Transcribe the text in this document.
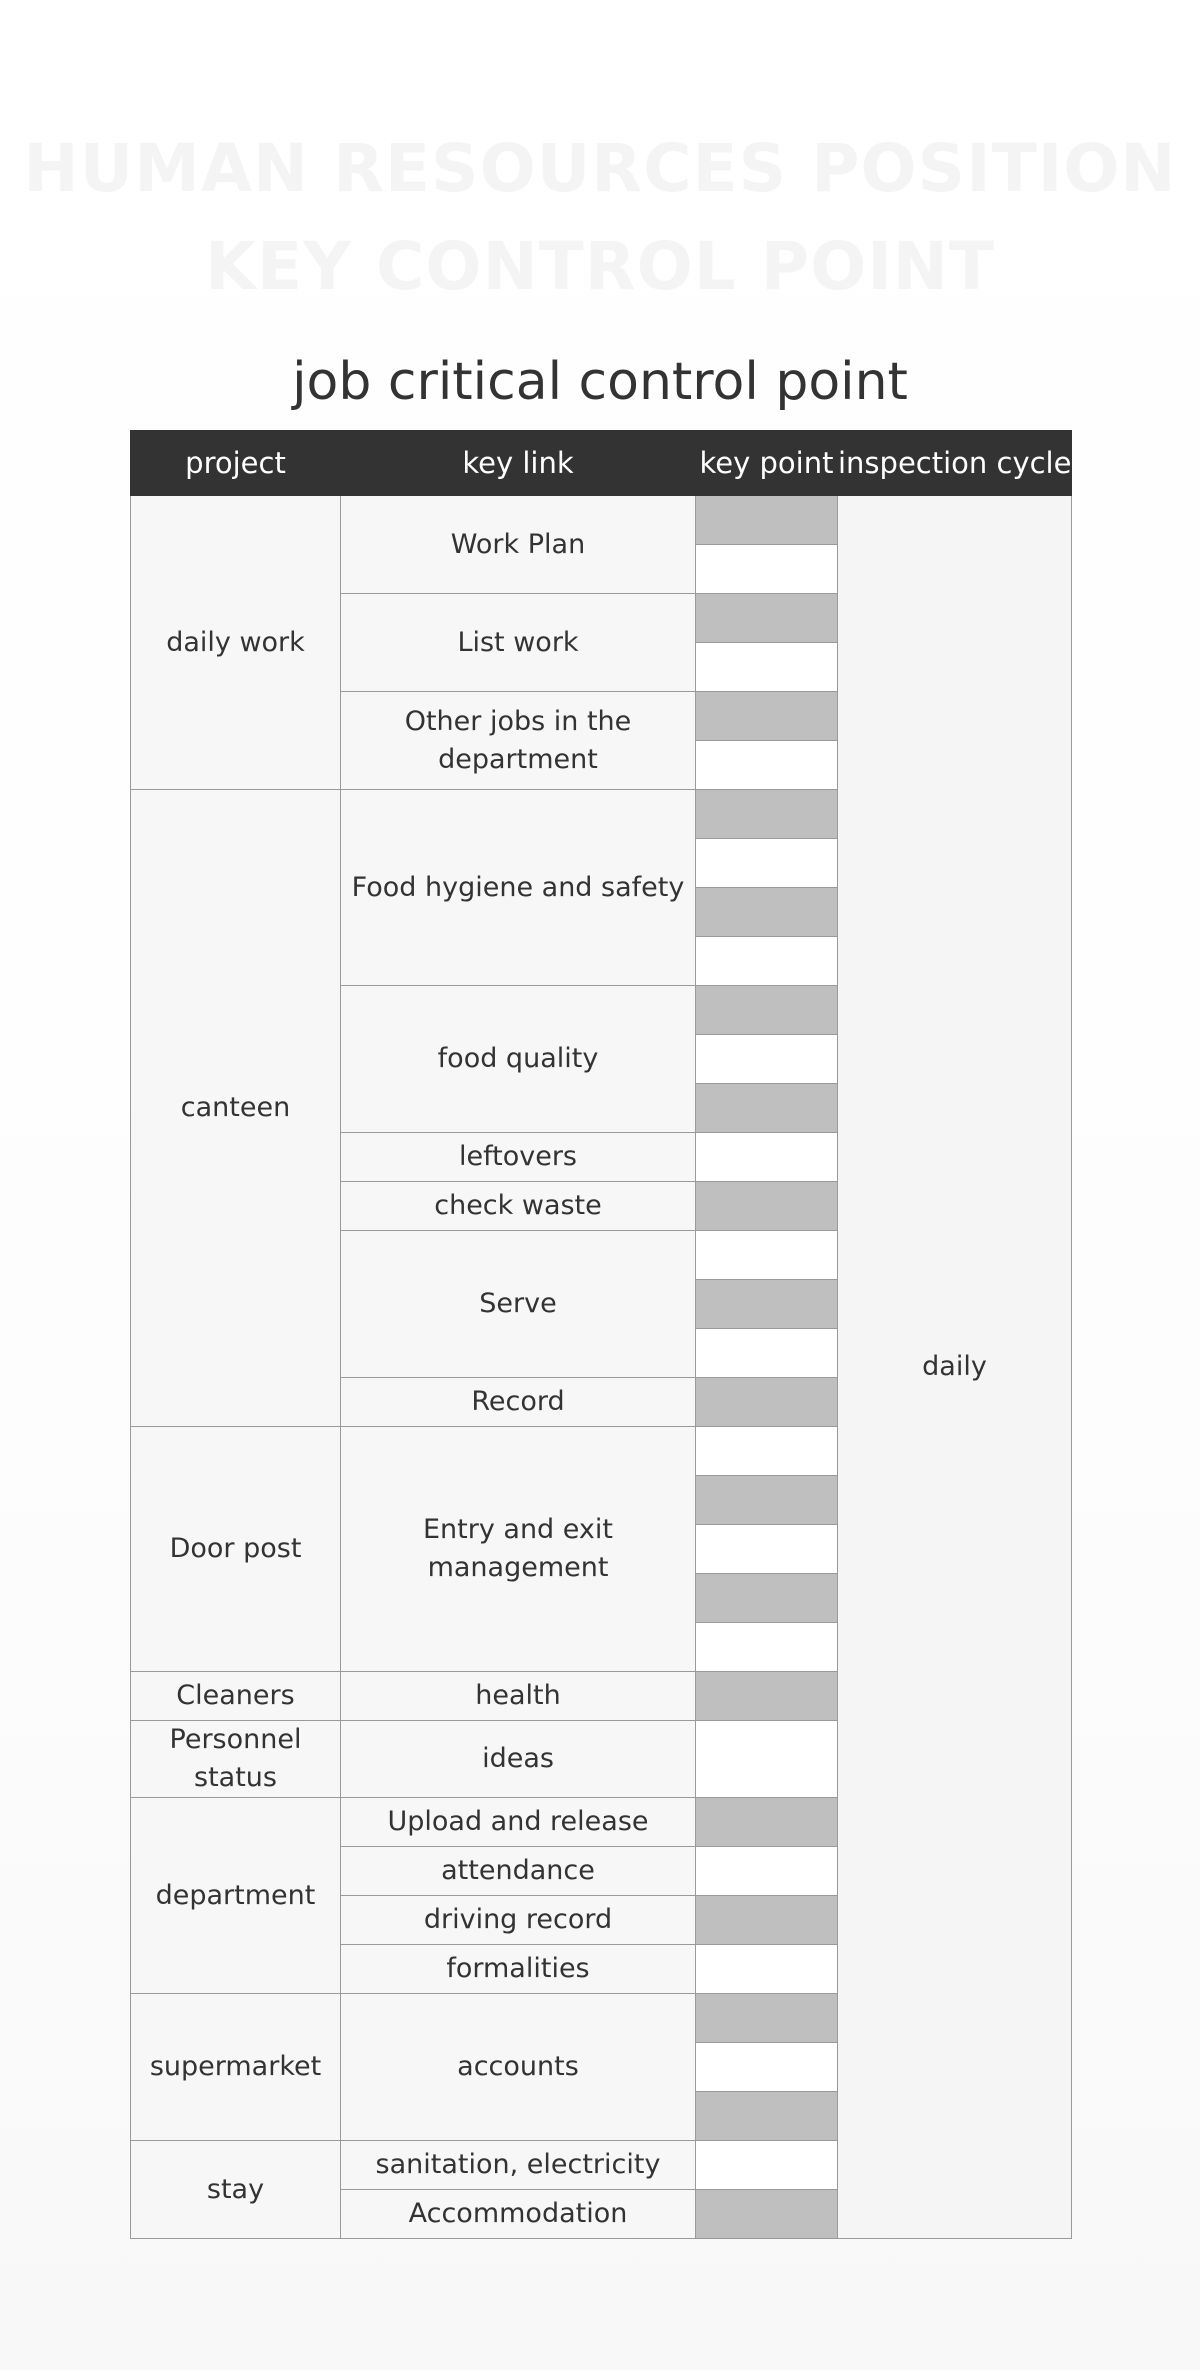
HUMAN RESOURCES POSITION
KEY CONTROL POINT
job critical control point
project	key link	key point	inspection cycle
daily work	Work Plan		daily

	List work		

	Other jobs in the department		

canteen	Food hygiene and safety		

	food quality		

	leftovers		
	check waste		
	Serve		

	Record		
Door post	Entry and exit management		

Cleaners	health		
Personnel status	ideas		
department	Upload and release		
	attendance		
	driving record		
	formalities		
supermarket	accounts		

stay	sanitation, electricity		
	Accommodation		
